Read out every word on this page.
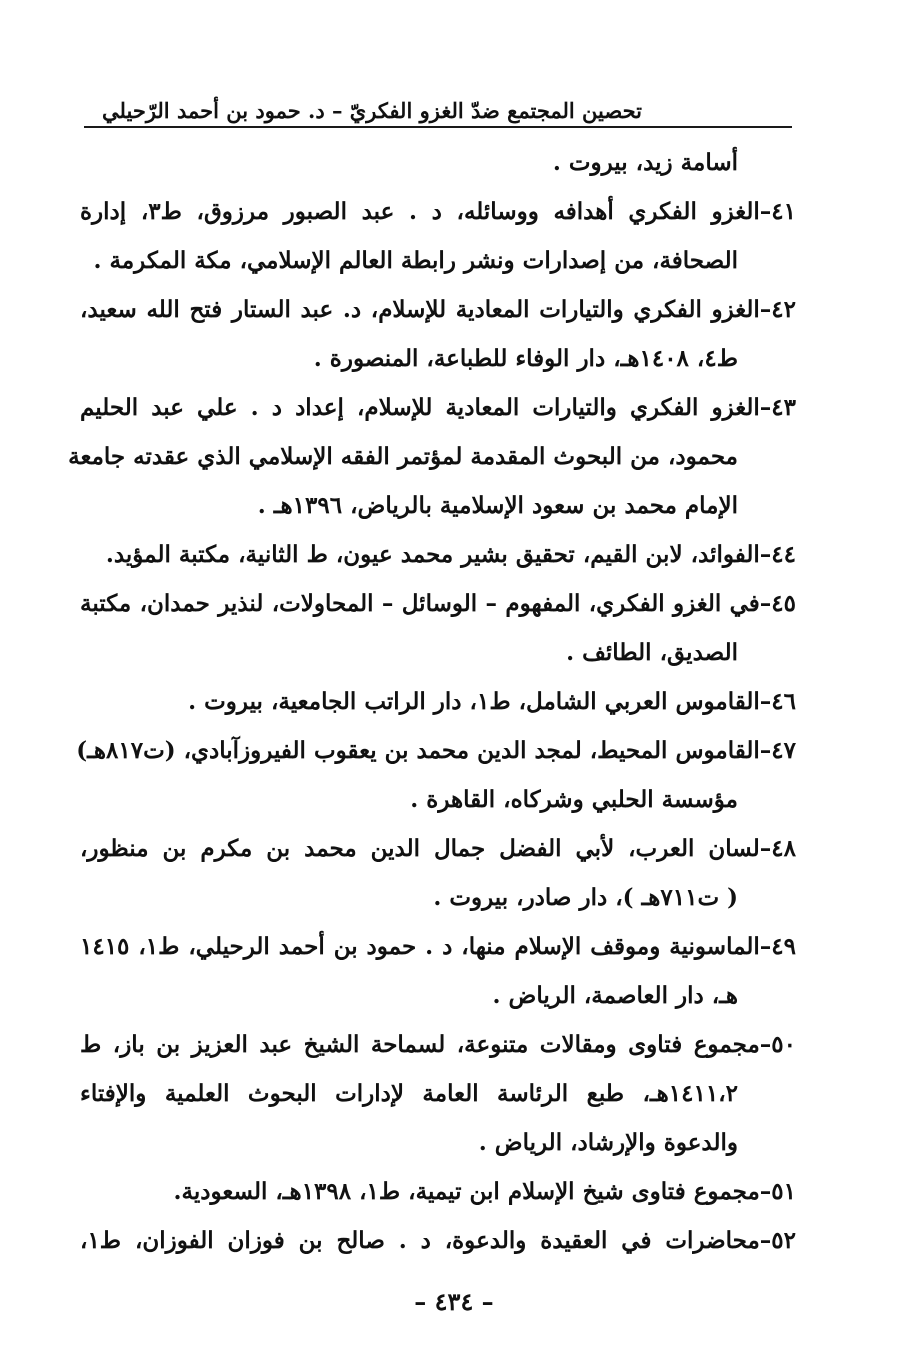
تحصين المجتمع ضدّ الغزو الفكريّ – د. حمود بن أحمد الرّحيلي
أسامة زيد، بيروت .
٤١–الغزو الفكري أهدافه ووسائله، د . عبد الصبور مرزوق، ط٣، إدارة
الصحافة، من إصدارات ونشر رابطة العالم الإسلامي، مكة المكرمة .
٤٢–الغزو الفكري والتيارات المعادية للإسلام، د. عبد الستار فتح الله سعيد،
ط٤، ١٤٠٨هـ، دار الوفاء للطباعة، المنصورة .
٤٣–الغزو الفكري والتيارات المعادية للإسلام، إعداد د . علي عبد الحليم
محمود، من البحوث المقدمة لمؤتمر الفقه الإسلامي الذي عقدته جامعة
الإمام محمد بن سعود الإسلامية بالرياض، ١٣٩٦هـ .
٤٤–الفوائد، لابن القيم، تحقيق بشير محمد عيون، ط الثانية، مكتبة المؤيد.
٤٥–في الغزو الفكري، المفهوم – الوسائل – المحاولات، لنذير حمدان، مكتبة
الصديق، الطائف .
٤٦–القاموس العربي الشامل، ط١، دار الراتب الجامعية، بيروت .
٤٧–القاموس المحيط، لمجد الدين محمد بن يعقوب الفيروزآبادي، (ت٨١٧هـ)
مؤسسة الحلبي وشركاه، القاهرة .
٤٨–لسان العرب، لأبي الفضل جمال الدين محمد بن مكرم بن منظور،
( ت٧١١هـ )، دار صادر، بيروت .
٤٩–الماسونية وموقف الإسلام منها، د . حمود بن أحمد الرحيلي، ط١، ١٤١٥
هـ، دار العاصمة، الرياض .
٥٠–مجموع فتاوى ومقالات متنوعة، لسماحة الشيخ عبد العزيز بن باز، ط
١٤١١،٢هـ، طبع الرئاسة العامة لإدارات البحوث العلمية والإفتاء
والدعوة والإرشاد، الرياض .
٥١–مجموع فتاوى شيخ الإسلام ابن تيمية، ط١، ١٣٩٨هـ، السعودية.
٥٢–محاضرات في العقيدة والدعوة، د . صالح بن فوزان الفوزان، ط١،
– ٤٣٤ –
